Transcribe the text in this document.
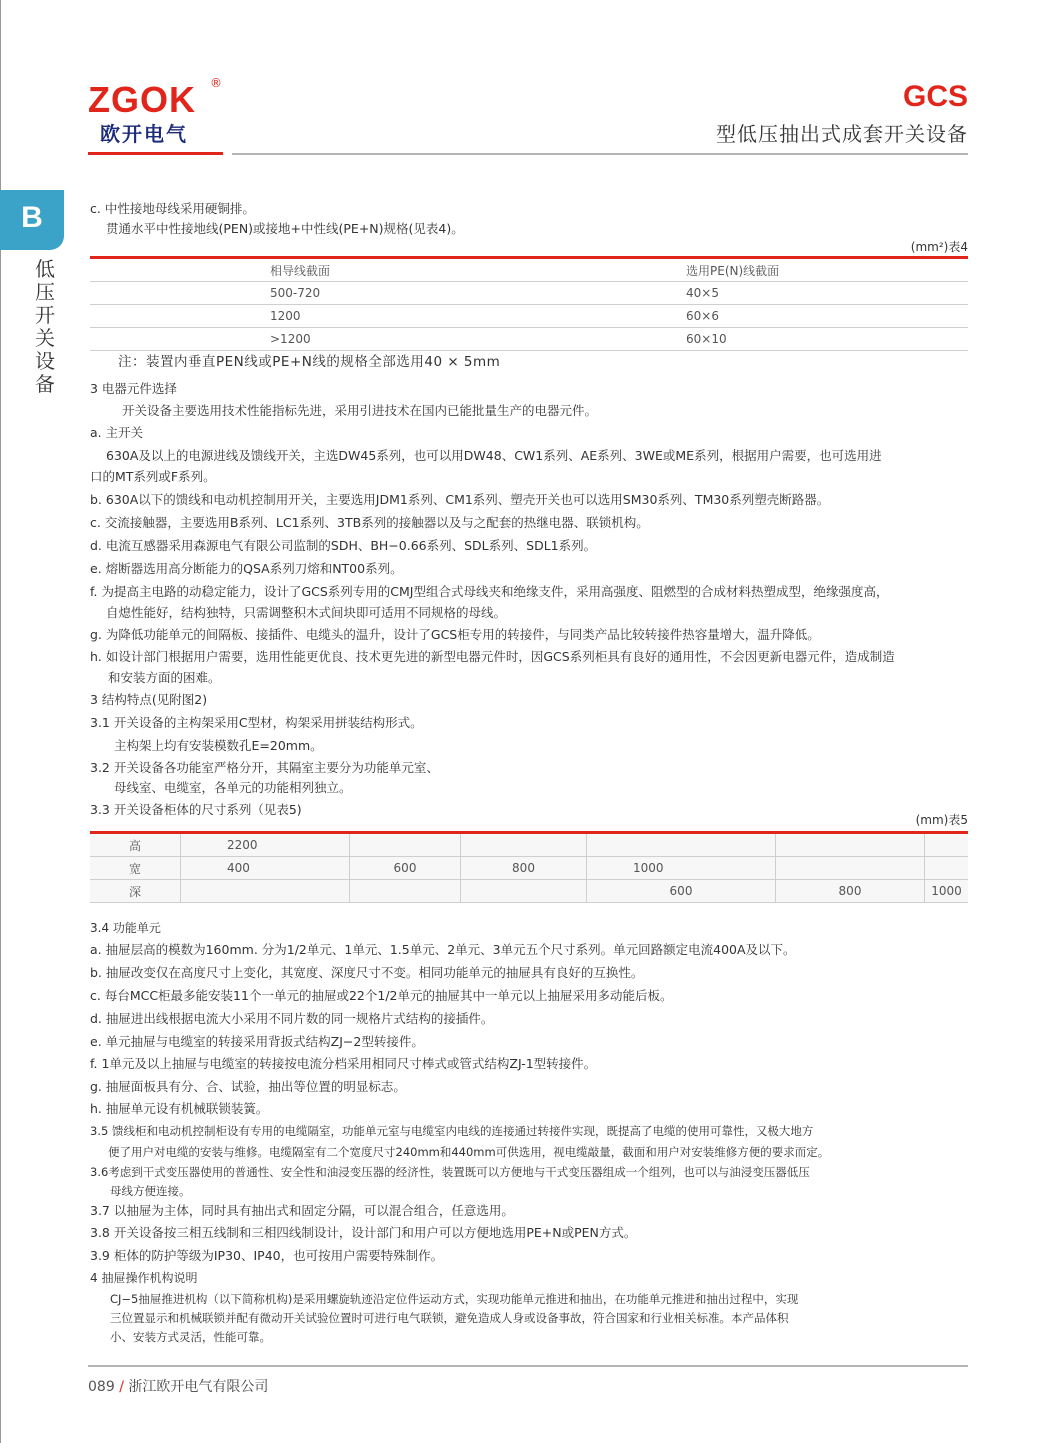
ZGOK ®
欧开电气
GCS
型低压抽出式成套开关设备
B
低
压
开
关
设
备
c. 中性接地母线采用硬铜排。
贯通水平中性接地线(PEN)或接地+中性线(PE+N)规格(见表4)。
(mm²)表4
相导线截面	选用PE(N)线截面
500-720	40×5
1200	60×6
>1200	60×10
注：装置内垂直PEN线或PE+N线的规格全部选用40 × 5mm
3 电器元件选择
开关设备主要选用技术性能指标先进，采用引进技术在国内已能批量生产的电器元件。
a. 主开关
630A及以上的电源进线及馈线开关，主选DW45系列，也可以用DW48、CW1系列、AE系列、3WE或ME系列，根据用户需要，也可选用进
口的MT系列或F系列。
b. 630A以下的馈线和电动机控制用开关，主要选用JDM1系列、CM1系列、塑壳开关也可以选用SM30系列、TM30系列塑壳断路器。
c. 交流接触器，主要选用B系列、LC1系列、3TB系列的接触器以及与之配套的热继电器、联锁机构。
d. 电流互感器采用森源电气有限公司监制的SDH、BH−0.66系列、SDL系列、SDL1系列。
e. 熔断器选用高分断能力的QSA系列刀熔和NT00系列。
f. 为提高主电路的动稳定能力，设计了GCS系列专用的CMJ型组合式母线夹和绝缘支件，采用高强度、阻燃型的合成材料热塑成型，绝缘强度高，
自熄性能好，结构独特，只需调整积木式间块即可适用不同规格的母线。
g. 为降低功能单元的间隔板、接插件、电缆头的温升，设计了GCS柜专用的转接件，与同类产品比较转接件热容量增大，温升降低。
h. 如设计部门根据用户需要，选用性能更优良、技术更先进的新型电器元件时，因GCS系列柜具有良好的通用性，不会因更新电器元件，造成制造
和安装方面的困难。
3 结构特点(见附图2)
3.1 开关设备的主构架采用C型材，构架采用拼装结构形式。
主构架上均有安装模数孔E=20mm。
3.2 开关设备各功能室严格分开，其隔室主要分为功能单元室、
母线室、电缆室，各单元的功能相列独立。
3.3 开关设备柜体的尺寸系列（见表5)
(mm)表5
高	2200					
宽	400	600	800	1000		
深				600	800	1000
3.4 功能单元
a. 抽屉层高的模数为160mm. 分为1/2单元、1单元、1.5单元、2单元、3单元五个尺寸系列。单元回路额定电流400A及以下。
b. 抽屉改变仅在高度尺寸上变化，其宽度、深度尺寸不变。相同功能单元的抽屉具有良好的互换性。
c. 每台MCC柜最多能安装11个一单元的抽屉或22个1/2单元的抽屉其中一单元以上抽屉采用多动能后板。
d. 抽屉进出线根据电流大小采用不同片数的同一规格片式结构的接插件。
e. 单元抽屉与电缆室的转接采用背扳式结构ZJ−2型转接件。
f. 1单元及以上抽屉与电缆室的转接按电流分档采用相同尺寸棒式或管式结构ZJ-1型转接件。
g. 抽屉面板具有分、合、试验，抽出等位置的明显标志。
h. 抽屉单元设有机械联锁装簧。
3.5 馈线柜和电动机控制柜设有专用的电缆隔室，功能单元室与电缆室内电线的连接通过转接件实现，既提高了电缆的使用可靠性，又极大地方
便了用户对电缆的安装与维修。电缆隔室有二个宽度尺寸240mm和440mm可供选用，视电缆敲量，截面和用户对安装维修方便的要求而定。
3.6考虑到干式变压器使用的普通性、安全性和油浸变压器的经济性，装置既可以方便地与干式变压器组成一个组列，也可以与油浸变压器低压
母线方便连接。
3.7 以抽屉为主体，同时具有抽出式和固定分隔，可以混合组合，任意选用。
3.8 开关设备按三相五线制和三相四线制设计，设计部门和用户可以方便地选用PE+N或PEN方式。
3.9 柜体的防护等级为IP30、IP40，也可按用户需要特殊制作。
4 抽屉操作机构说明
CJ−5抽屉推进机构（以下简称机构)是采用螺旋轨迹沿定位件运动方式，实现功能单元推进和抽出，在功能单元推进和抽出过程中，实现
三位置显示和机械联锁并配有微动开关试验位置时可进行电气联锁，避免造成人身或设备事故，符合国家和行业相关标准。本产品体积
小、安装方式灵活，性能可靠。
089 / 浙江欧开电气有限公司
